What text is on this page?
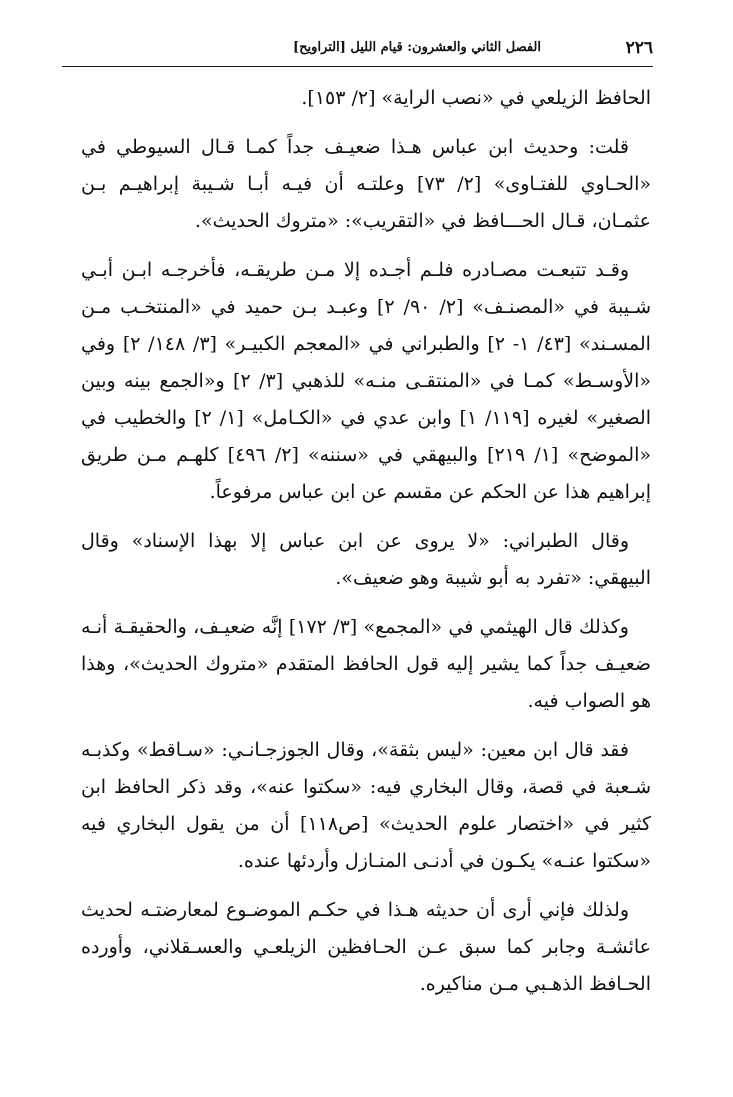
٢٢٦
الفصل الثاني والعشرون: قيام الليل [التراويح]

الحافظ الزيلعي في «نصب الراية» [٢/ ١٥٣].

قلت: وحديث ابن عباس هـذا ضعيـف جداً كمـا قـال السيوطي في «الحـاوي للفتـاوى» [٢/ ٧٣] وعلتـه أن فيـه أبـا شـيبة إبراهيـم بـن عثمـان، قـال الحـــافظ في «التقريب»: «متروك الحديث».

وقـد تتبعـت مصـادره فلـم أجـده إلا مـن طريقـه، فأخرجـه ابـن أبـي شـيبة في «المصنـف» [٢/ ٩٠/ ٢] وعبـد بـن حميد في «المنتخـب مـن المسـند» [٤٣/ ١- ٢] والطبراني في «المعجم الكبيـر» [٣/ ١٤٨/ ٢] وفي «الأوسـط» كمـا في «المنتقـى منـه» للذهبي [٣/ ٢] و«الجمع بينه وبين الصغير» لغيره [١١٩/ ١] وابن عدي في «الكـامل» [١/ ٢] والخطيب في «الموضح» [١/ ٢١٩] والبيهقي في «سننه» [٢/ ٤٩٦] كلهـم مـن طريق إبراهيم هذا عن الحكم عن مقسم عن ابن عباس مرفوعاً.

وقال الطبراني: «لا يروى عن ابن عباس إلا بهذا الإسناد» وقال البيهقي: «تفرد به أبو شيبة وهو ضعيف».

وكذلك قال الهيثمي في «المجمع» [٣/ ١٧٢] إنَّه ضعيـف، والحقيقـة أنـه ضعيـف جداً كما يشير إليه قول الحافظ المتقدم «متروك الحديث»، وهذا هو الصواب فيه.

فقد قال ابن معين: «ليس بثقة»، وقال الجوزجـانـي: «سـاقط» وكذبـه شـعبة في قصة، وقال البخاري فيه: «سكتوا عنه»، وقد ذكر الحافظ ابن كثير في «اختصار علوم الحديث» [ص١١٨] أن من يقول البخاري فيه «سكتوا عنـه» يكـون في أدنـى المنـازل وأردئها عنده.

ولذلك فإني أرى أن حديثه هـذا في حكـم الموضـوع لمعارضتـه لحديث عائشـة وجابر كما سبق عـن الحـافظين الزيلعـي والعسـقلاني، وأورده الحـافظ الذهـبي مـن مناكيره.
